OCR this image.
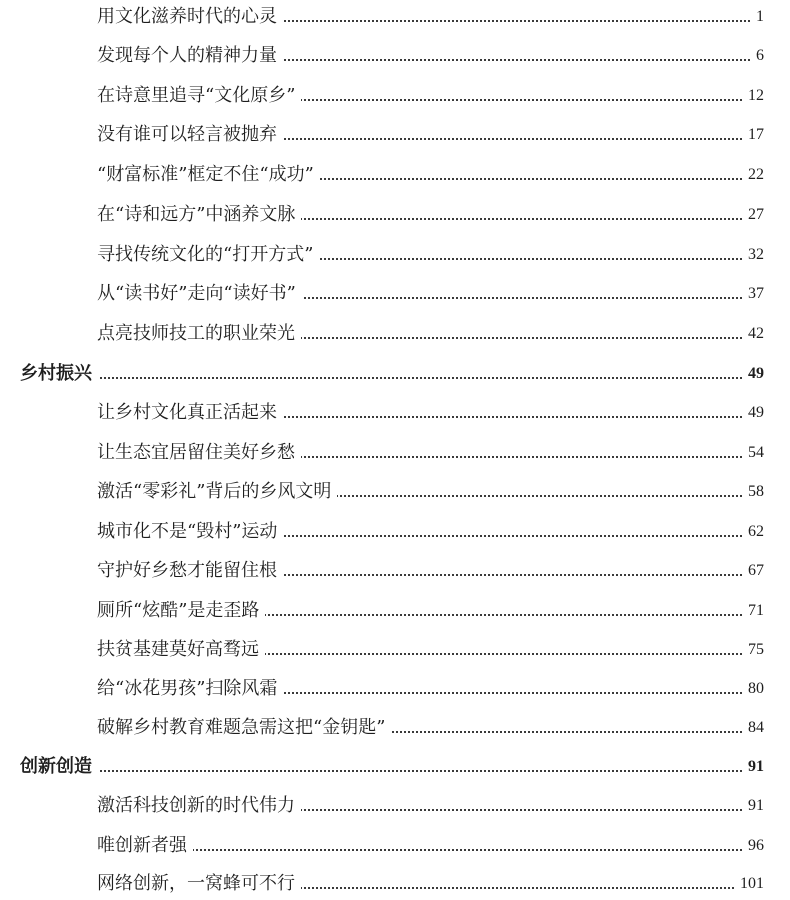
用文化滋养时代的心灵	1
发现每个人的精神力量	6
在诗意里追寻“文化原乡”	12
没有谁可以轻言被抛弃	17
“财富标准”框定不住“成功”	22
在“诗和远方”中涵养文脉	27
寻找传统文化的“打开方式”	32
从“读书好”走向“读好书”	37
点亮技师技工的职业荣光	42
乡村振兴	49
让乡村文化真正活起来	49
让生态宜居留住美好乡愁	54
激活“零彩礼”背后的乡风文明	58
城市化不是“毁村”运动	62
守护好乡愁才能留住根	67
厕所“炫酷”是走歪路	71
扶贫基建莫好高骛远	75
给“冰花男孩”扫除风霜	80
破解乡村教育难题急需这把“金钥匙”	84
创新创造	91
激活科技创新的时代伟力	91
唯创新者强	96
网络创新，一窝蜂可不行	101
